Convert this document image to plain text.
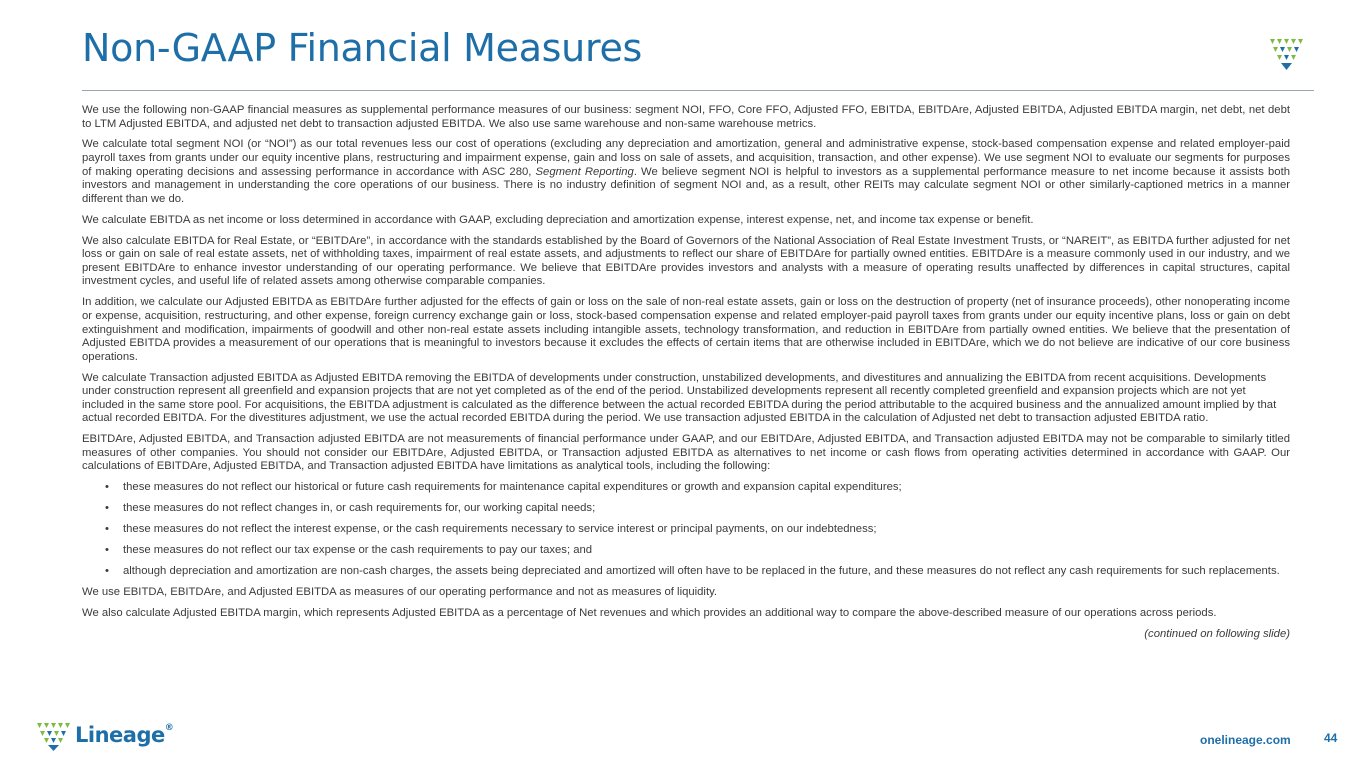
Non-GAAP Financial Measures

We use the following non-GAAP financial measures as supplemental performance measures of our business: segment NOI, FFO, Core FFO, Adjusted FFO, EBITDA, EBITDAre, Adjusted EBITDA, Adjusted EBITDA margin, net debt, net debt to LTM Adjusted EBITDA, and adjusted net debt to transaction adjusted EBITDA. We also use same warehouse and non-same warehouse metrics.

We calculate total segment NOI (or “NOI”) as our total revenues less our cost of operations (excluding any depreciation and amortization, general and administrative expense, stock-based compensation expense and related employer-paid payroll taxes from grants under our equity incentive plans, restructuring and impairment expense, gain and loss on sale of assets, and acquisition, transaction, and other expense). We use segment NOI to evaluate our segments for purposes of making operating decisions and assessing performance in accordance with ASC 280, Segment Reporting. We believe segment NOI is helpful to investors as a supplemental performance measure to net income because it assists both investors and management in understanding the core operations of our business. There is no industry definition of segment NOI and, as a result, other REITs may calculate segment NOI or other similarly-captioned metrics in a manner different than we do.

We calculate EBITDA as net income or loss determined in accordance with GAAP, excluding depreciation and amortization expense, interest expense, net, and income tax expense or benefit.

We also calculate EBITDA for Real Estate, or “EBITDAre”, in accordance with the standards established by the Board of Governors of the National Association of Real Estate Investment Trusts, or “NAREIT”, as EBITDA further adjusted for net loss or gain on sale of real estate assets, net of withholding taxes, impairment of real estate assets, and adjustments to reflect our share of EBITDAre for partially owned entities. EBITDAre is a measure commonly used in our industry, and we present EBITDAre to enhance investor understanding of our operating performance. We believe that EBITDAre provides investors and analysts with a measure of operating results unaffected by differences in capital structures, capital investment cycles, and useful life of related assets among otherwise comparable companies.

In addition, we calculate our Adjusted EBITDA as EBITDAre further adjusted for the effects of gain or loss on the sale of non-real estate assets, gain or loss on the destruction of property (net of insurance proceeds), other nonoperating income or expense, acquisition, restructuring, and other expense, foreign currency exchange gain or loss, stock-based compensation expense and related employer-paid payroll taxes from grants under our equity incentive plans, loss or gain on debt extinguishment and modification, impairments of goodwill and other non-real estate assets including intangible assets, technology transformation, and reduction in EBITDAre from partially owned entities. We believe that the presentation of Adjusted EBITDA provides a measurement of our operations that is meaningful to investors because it excludes the effects of certain items that are otherwise included in EBITDAre, which we do not believe are indicative of our core business operations.

We calculate Transaction adjusted EBITDA as Adjusted EBITDA removing the EBITDA of developments under construction, unstabilized developments, and divestitures and annualizing the EBITDA from recent acquisitions. Developments under construction represent all greenfield and expansion projects that are not yet completed as of the end of the period. Unstabilized developments represent all recently completed greenfield and expansion projects which are not yet included in the same store pool. For acquisitions, the EBITDA adjustment is calculated as the difference between the actual recorded EBITDA during the period attributable to the acquired business and the annualized amount implied by that actual recorded EBITDA. For the divestitures adjustment, we use the actual recorded EBITDA during the period. We use transaction adjusted EBITDA in the calculation of Adjusted net debt to transaction adjusted EBITDA ratio.

EBITDAre, Adjusted EBITDA, and Transaction adjusted EBITDA are not measurements of financial performance under GAAP, and our EBITDAre, Adjusted EBITDA, and Transaction adjusted EBITDA may not be comparable to similarly titled measures of other companies. You should not consider our EBITDAre, Adjusted EBITDA, or Transaction adjusted EBITDA as alternatives to net income or cash flows from operating activities determined in accordance with GAAP. Our calculations of EBITDAre, Adjusted EBITDA, and Transaction adjusted EBITDA have limitations as analytical tools, including the following:

• these measures do not reflect our historical or future cash requirements for maintenance capital expenditures or growth and expansion capital expenditures;
• these measures do not reflect changes in, or cash requirements for, our working capital needs;
• these measures do not reflect the interest expense, or the cash requirements necessary to service interest or principal payments, on our indebtedness;
• these measures do not reflect our tax expense or the cash requirements to pay our taxes; and
• although depreciation and amortization are non-cash charges, the assets being depreciated and amortized will often have to be replaced in the future, and these measures do not reflect any cash requirements for such replacements.

We use EBITDA, EBITDAre, and Adjusted EBITDA as measures of our operating performance and not as measures of liquidity.

We also calculate Adjusted EBITDA margin, which represents Adjusted EBITDA as a percentage of Net revenues and which provides an additional way to compare the above-described measure of our operations across periods.

(continued on following slide)
Lineage®
onelineage.com	44
